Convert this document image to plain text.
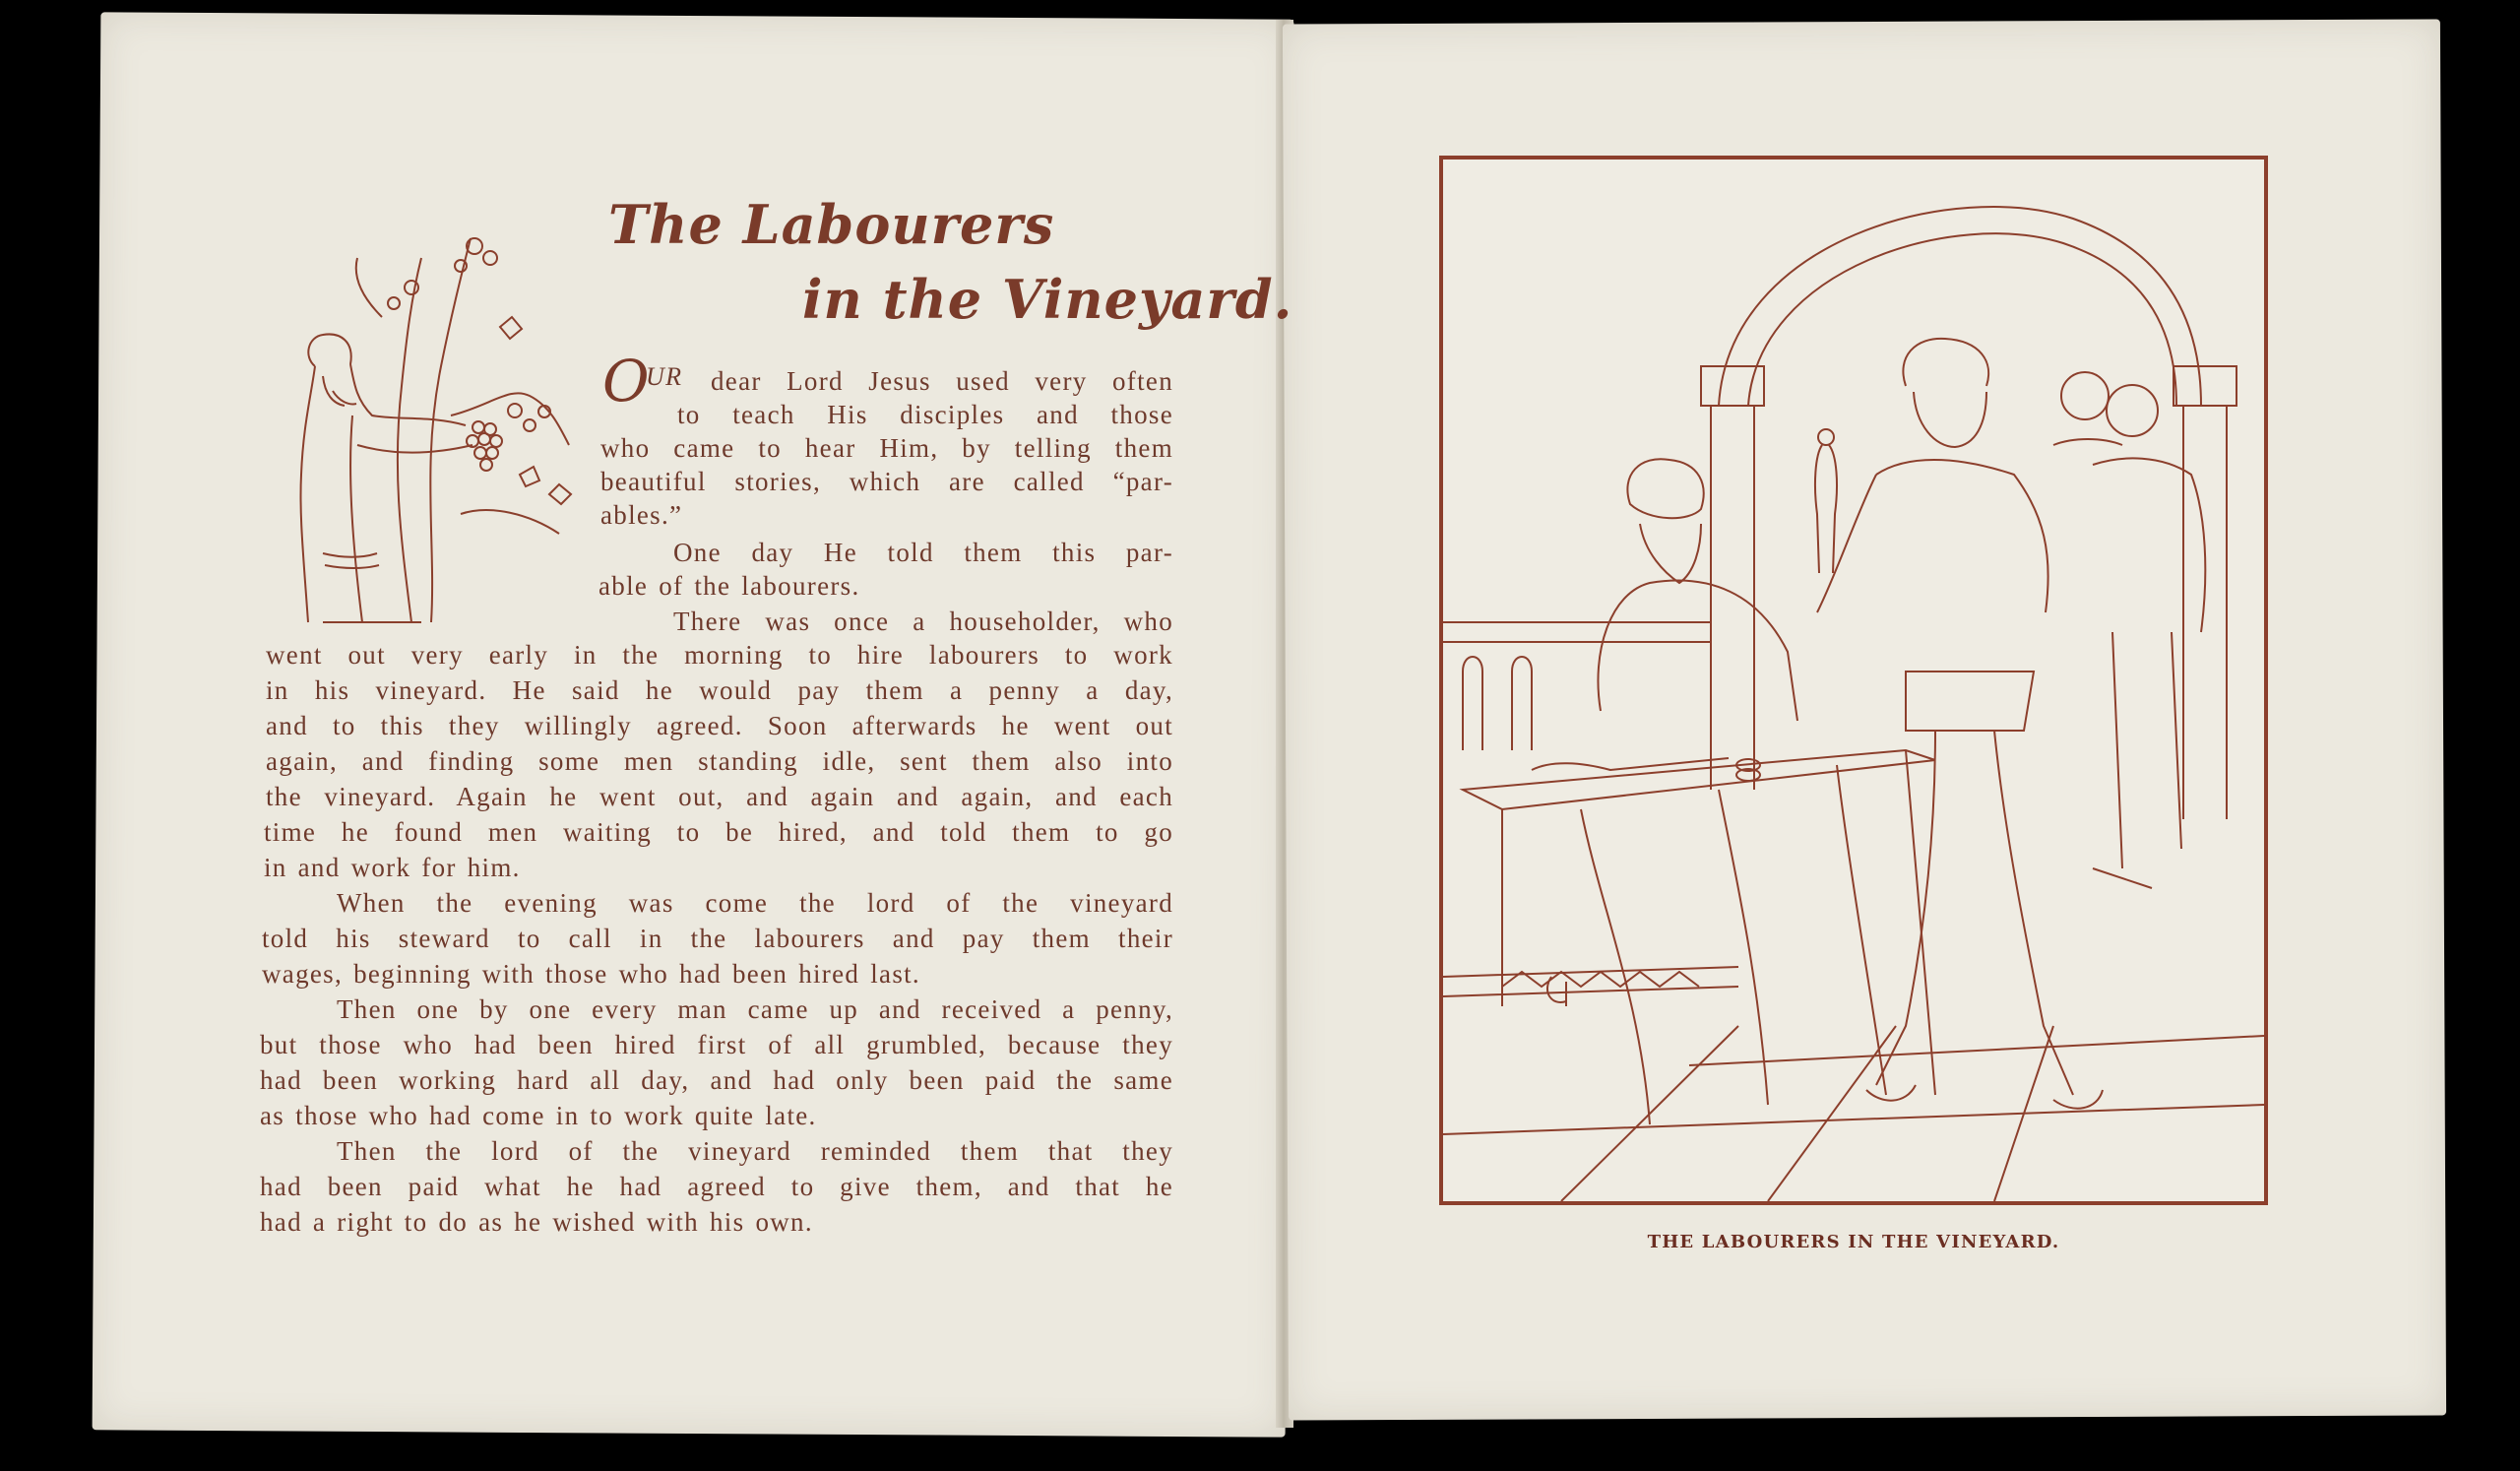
The Labourers
in the Vineyard.
O
UR dear Lord Jesus used very often
to teach His disciples and those
who came to hear Him, by telling them
beautiful stories, which are called “par-
ables.”
One day He told them this par-
able of the labourers.
There was once a householder, who
went out very early in the morning to hire labourers to work
in his vineyard. He said he would pay them a penny a day,
and to this they willingly agreed. Soon afterwards he went out
again, and finding some men standing idle, sent them also into
the vineyard. Again he went out, and again and again, and each
time he found men waiting to be hired, and told them to go
in and work for him.
When the evening was come the lord of the vineyard
told his steward to call in the labourers and pay them their
wages, beginning with those who had been hired last.
Then one by one every man came up and received a penny,
but those who had been hired first of all grumbled, because they
had been working hard all day, and had only been paid the same
as those who had come in to work quite late.
Then the lord of the vineyard reminded them that they
had been paid what he had agreed to give them, and that he
had a right to do as he wished with his own.
THE LABOURERS IN THE VINEYARD.
